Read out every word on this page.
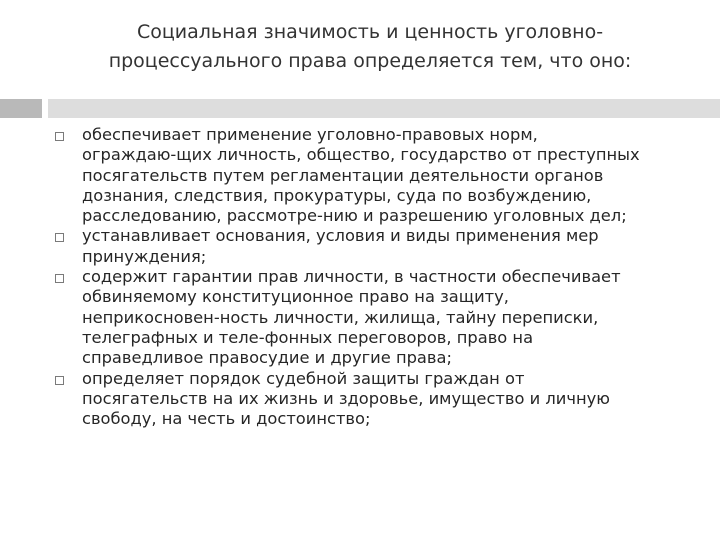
Социальная значимость и ценность уголовно-
процессуального права определяется тем, что оно:
обеспечивает применение уголовно-правовых норм,
ограждаю-щих личность, общество, государство от преступных
посягательств путем регламентации деятельности органов
дознания, следствия, прокуратуры, суда по возбуждению,
расследованию, рассмотре-нию и разрешению уголовных дел;
устанавливает основания, условия и виды применения мер
принуждения;
содержит гарантии прав личности, в частности обеспечивает
обвиняемому конституционное право на защиту,
неприкосновен-ность личности, жилища, тайну переписки,
телеграфных и теле-фонных переговоров, право на
справедливое правосудие и другие права;
определяет порядок судебной защиты граждан от
посягательств на их жизнь и здоровье, имущество и личную
свободу, на честь и достоинство;
